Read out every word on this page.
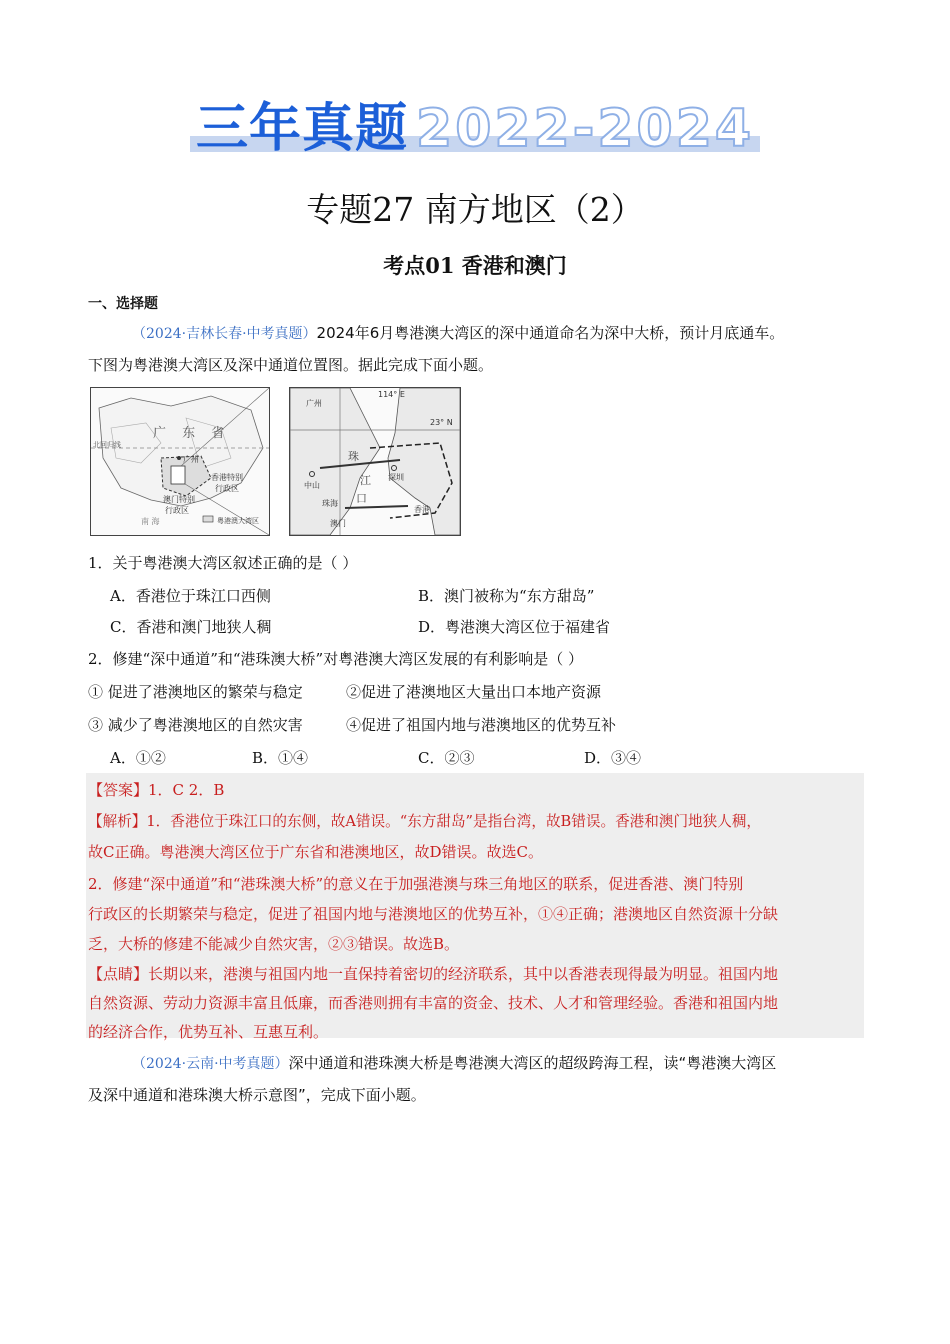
三年真题 2022-2024
专题27 南方地区（2）
考点01 香港和澳门
一、选择题
（2024·吉林长春·中考真题）2024年6月粤港澳大湾区的深中通道命名为深中大桥，预计月底通车。
下图为粤港澳大湾区及深中通道位置图。据此完成下面小题。
广 东 省
北回归线
广州
香港特别
行政区
澳门特别
行政区
南 海	粤港澳大湾区
114° E
23° N
广州
中山
深圳
珠海
澳门
香港
珠
江
口
1．关于粤港澳大湾区叙述正确的是（ ）
A．香港位于珠江口西侧	B．澳门被称为“东方甜岛”
C．香港和澳门地狭人稠	D．粤港澳大湾区位于福建省
2．修建“深中通道”和“港珠澳大桥”对粤港澳大湾区发展的有利影响是（ ）
① 促进了港澳地区的繁荣与稳定	②促进了港澳地区大量出口本地产资源
③ 减少了粤港澳地区的自然灾害	④促进了祖国内地与港澳地区的优势互补
A．①②	B．①④	C．②③	D．③④
【答案】1．C 2．B
【解析】1．香港位于珠江口的东侧，故A错误。“东方甜岛”是指台湾，故B错误。香港和澳门地狭人稠，
故C正确。粤港澳大湾区位于广东省和港澳地区，故D错误。故选C。
2．修建“深中通道”和“港珠澳大桥”的意义在于加强港澳与珠三角地区的联系，促进香港、澳门特别
行政区的长期繁荣与稳定，促进了祖国内地与港澳地区的优势互补，①④正确；港澳地区自然资源十分缺
乏，大桥的修建不能减少自然灾害，②③错误。故选B。
【点睛】长期以来，港澳与祖国内地一直保持着密切的经济联系，其中以香港表现得最为明显。祖国内地
自然资源、劳动力资源丰富且低廉，而香港则拥有丰富的资金、技术、人才和管理经验。香港和祖国内地
的经济合作，优势互补、互惠互利。
（2024·云南·中考真题）深中通道和港珠澳大桥是粤港澳大湾区的超级跨海工程，读“粤港澳大湾区
及深中通道和港珠澳大桥示意图”，完成下面小题。
